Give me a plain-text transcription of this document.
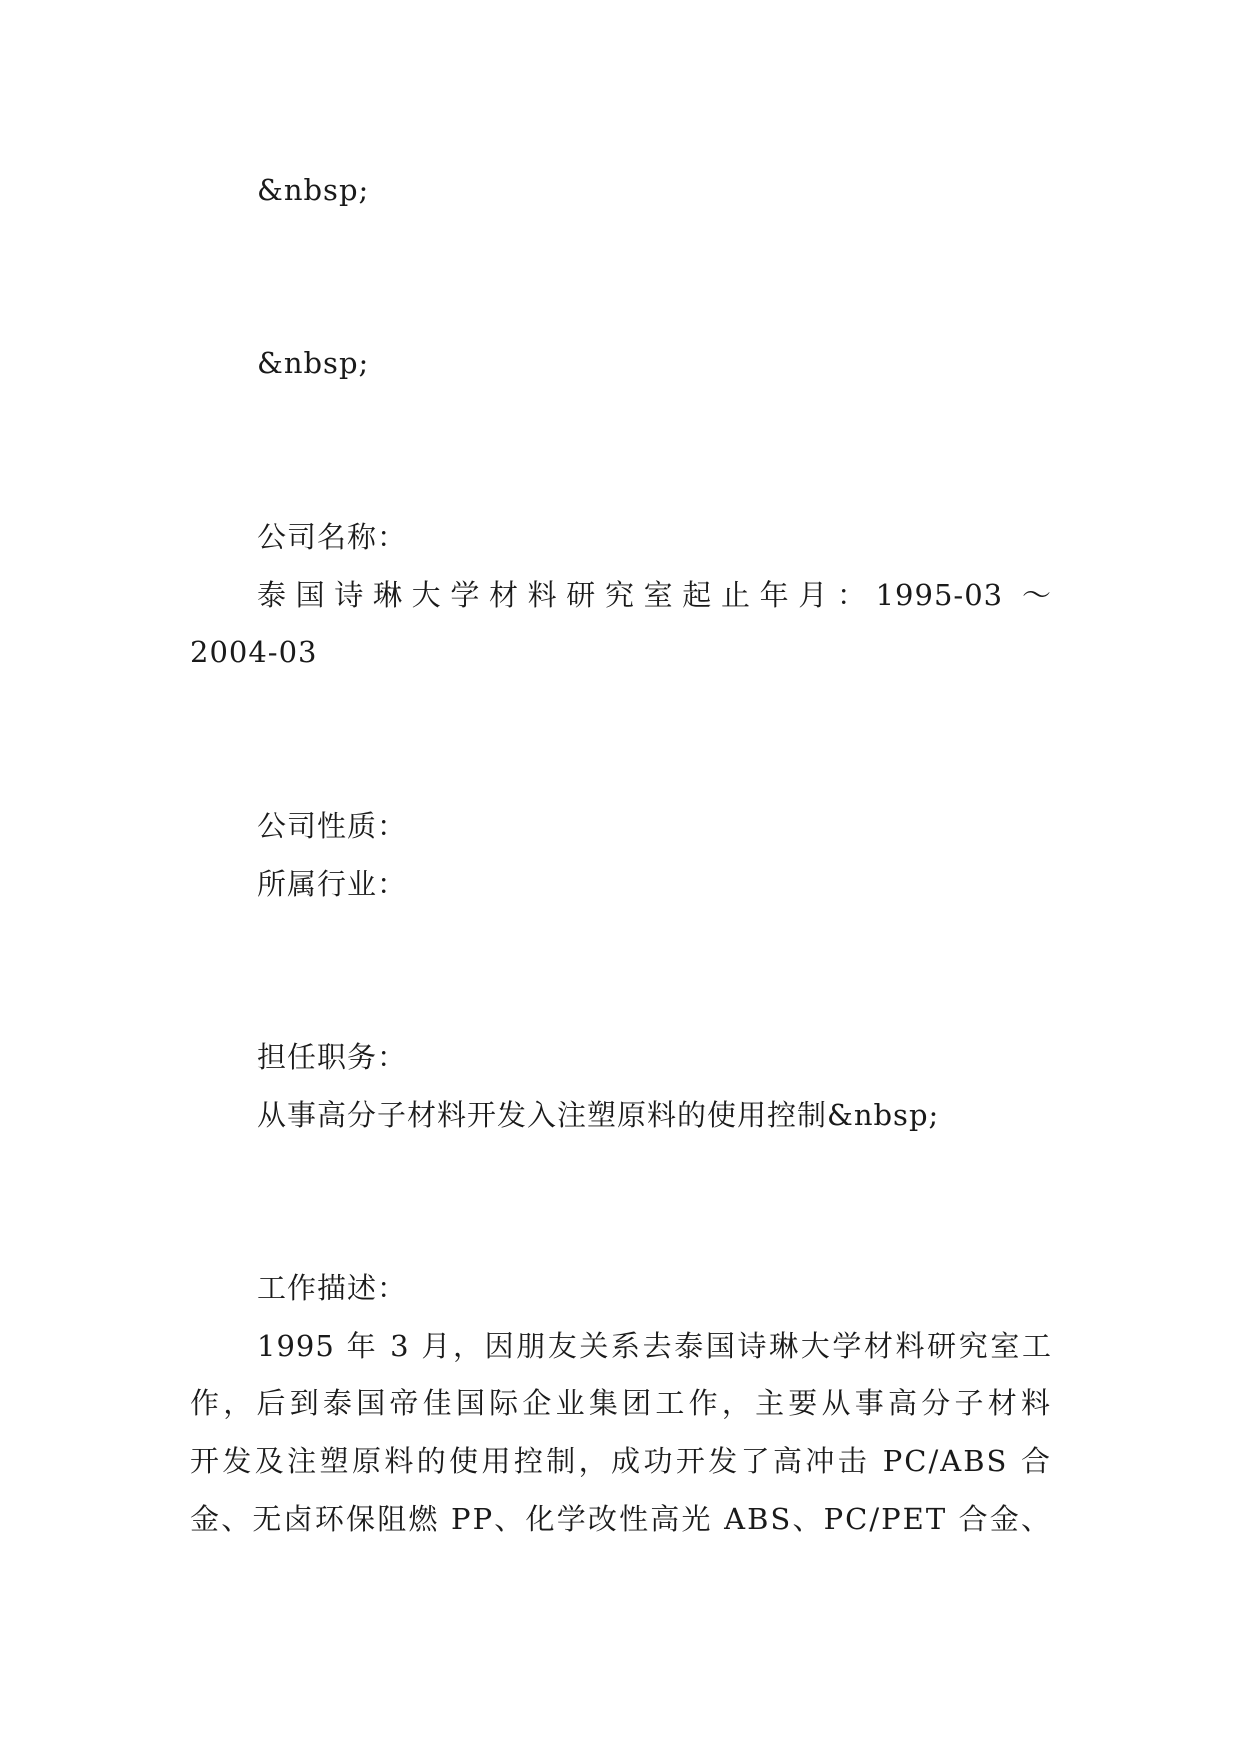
&nbsp;
&nbsp;
公司名称：
泰国诗琳大学材料研究室起止年月：1995-03 ～
2004-03
公司性质：
所属行业：
担任职务：
从事高分子材料开发入注塑原料的使用控制&nbsp;
工作描述：
1995 年 3 月，因朋友关系去泰国诗琳大学材料研究室工
作，后到泰国帝佳国际企业集团工作，主要从事高分子材料
开发及注塑原料的使用控制，成功开发了高冲击 PC/ABS 合
金、无卤环保阻燃 PP、化学改性高光 ABS、PC/PET 合金、
